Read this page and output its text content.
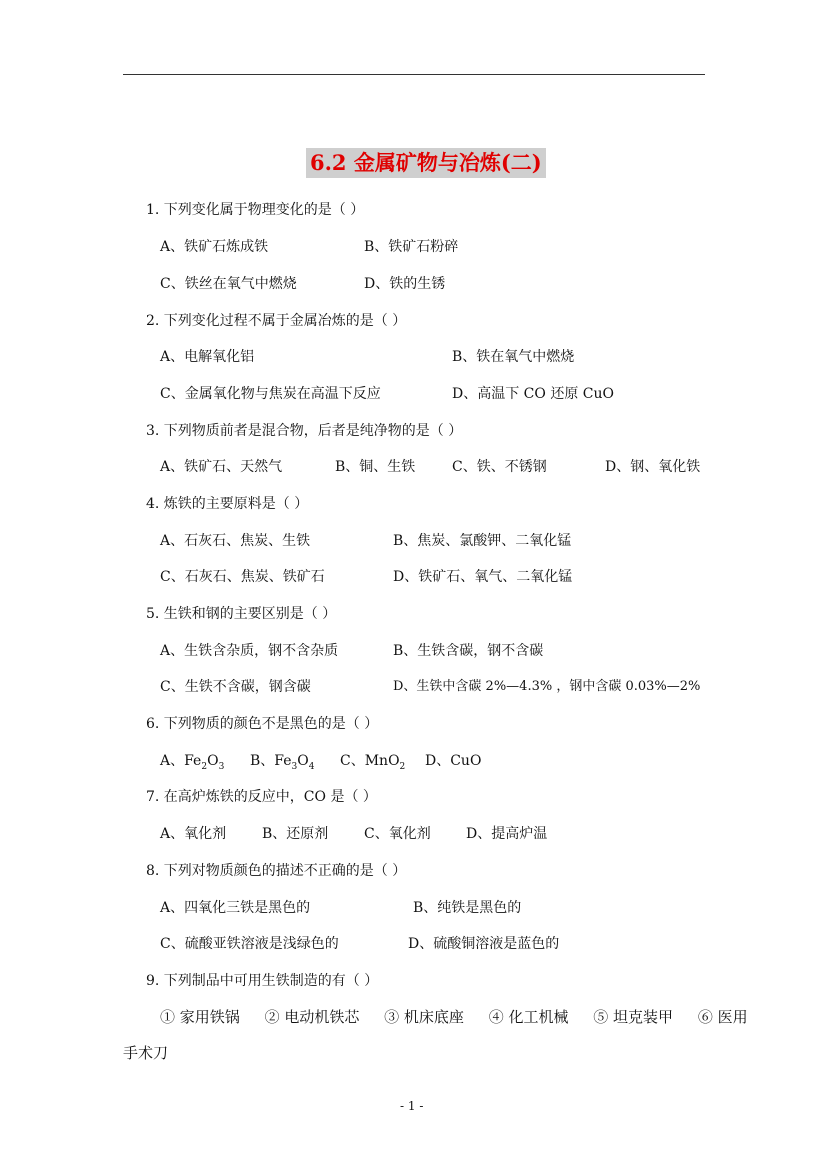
6.2 金属矿物与冶炼(二)
1. 下列变化属于物理变化的是（ ）
A、铁矿石炼成铁	B、铁矿石粉碎
C、铁丝在氧气中燃烧	D、铁的生锈
2. 下列变化过程不属于金属冶炼的是（ ）
A、电解氧化铝	B、铁在氧气中燃烧
C、金属氧化物与焦炭在高温下反应	D、高温下 CO 还原 CuO
3. 下列物质前者是混合物，后者是纯净物的是（ ）
A、铁矿石、天然气	B、铜、生铁	C、铁、不锈钢	D、钢、氧化铁
4. 炼铁的主要原料是（ ）
A、石灰石、焦炭、生铁	B、焦炭、氯酸钾、二氧化锰
C、石灰石、焦炭、铁矿石	D、铁矿石、氧气、二氧化锰
5. 生铁和钢的主要区别是（ ）
A、生铁含杂质，钢不含杂质	B、生铁含碳，钢不含碳
C、生铁不含碳，钢含碳	D、生铁中含碳 2%—4.3% ，钢中含碳 0.03%—2%
6. 下列物质的颜色不是黑色的是（ ）
A、$Fe_2O_3$ B、$Fe_3O_4$ C、MnO$_2$ D、CuO
7. 在高炉炼铁的反应中，CO 是（ ）
A、氧化剂	B、还原剂	C、氧化剂	D、提高炉温
8. 下列对物质颜色的描述不正确的是（ ）
A、四氧化三铁是黑色的	B、纯铁是黑色的
C、硫酸亚铁溶液是浅绿色的	D、硫酸铜溶液是蓝色的
9. 下列制品中可用生铁制造的有（ ）
① 家用铁锅 ② 电动机铁芯 ③ 机床底座 ④ 化工机械 ⑤ 坦克装甲 ⑥ 医用
手术刀
- 1 -
